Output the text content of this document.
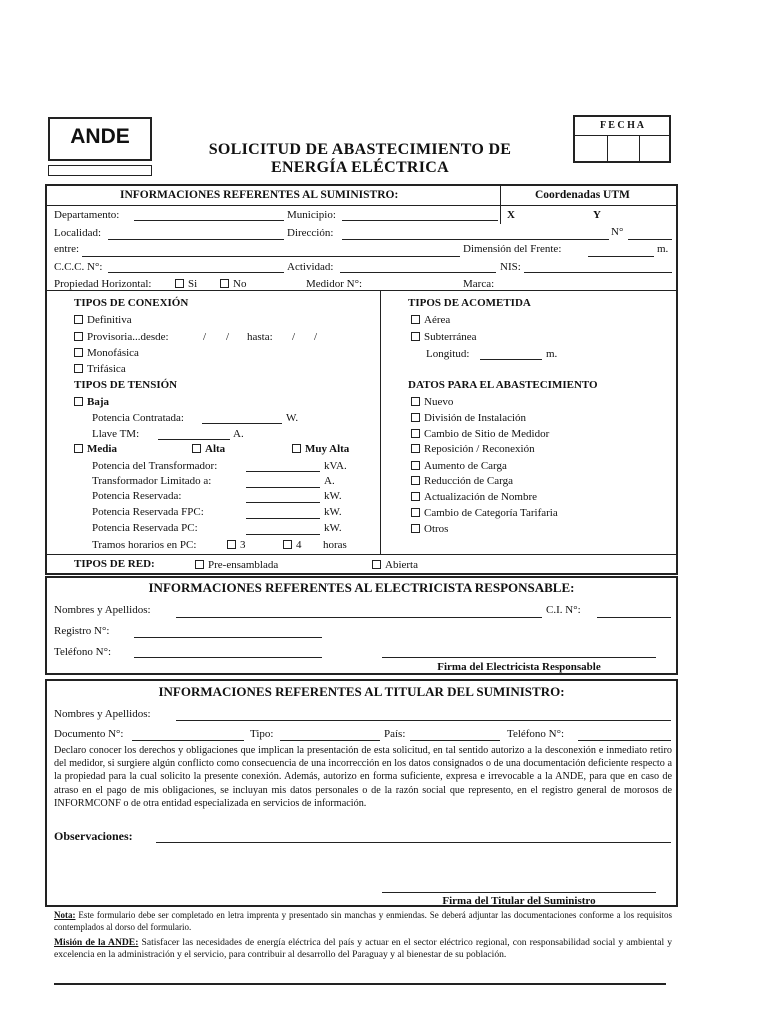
ANDE
SOLICITUD DE ABASTECIMIENTO DE
ENERGÍA ELÉCTRICA
F E C H A
INFORMACIONES REFERENTES AL SUMINISTRO:	Coordenadas UTM
X	Y
Departamento:	Municipio:
Localidad:	Dirección:	N°
entre:	Dimensión del Frente:	m.
C.C.C. N°:	Actividad:	NIS:
Propiedad Horizontal:	Si	No	Medidor N°:	Marca:
TIPOS DE CONEXIÓN
Definitiva
Provisoria...desde:	/ / hasta: / /
Monofásica
Trifásica
TIPOS DE ACOMETIDA
Aérea
Subterránea
Longitud:	m.
TIPOS DE TENSIÓN
Baja
Potencia Contratada:	W.
Llave TM:	A.
Media	Alta	Muy Alta
Potencia del Transformador:	kVA.
Transformador Limitado a:	A.
Potencia Reservada:	kW.
Potencia Reservada FPC:	kW.
Potencia Reservada PC:	kW.
Tramos horarios en PC:	3	4 horas
DATOS PARA EL ABASTECIMIENTO
Nuevo
División de Instalación
Cambio de Sitio de Medidor
Reposición / Reconexión
Aumento de Carga
Reducción de Carga
Actualización de Nombre
Cambio de Categoría Tarifaria
Otros
TIPOS DE RED:	Pre-ensamblada	Abierta
INFORMACIONES REFERENTES AL ELECTRICISTA RESPONSABLE:
Nombres y Apellidos:	C.I. N°:
Registro N°:
Teléfono N°:
Firma del Electricista Responsable
INFORMACIONES REFERENTES AL TITULAR DEL SUMINISTRO:
Nombres y Apellidos:
Documento N°:	Tipo:	País:	Teléfono N°:
Declaro conocer los derechos y obligaciones que implican la presentación de esta solicitud, en tal sentido autorizo a la desconexión e inmediato retiro del medidor, si surgiere algún conflicto como consecuencia de una incorrección en los datos consignados o de una documentación deficiente respecto a la propiedad para la cual solicito la presente conexión. Además, autorizo en forma suficiente, expresa e irrevocable a la ANDE, para que en caso de atraso en el pago de mis obligaciones, se incluyan mis datos personales o de la razón social que represento, en el registro general de morosos de INFORMCONF o de otra entidad especializada en servicios de información.
Observaciones:
Firma del Titular del Suministro
Nota: Este formulario debe ser completado en letra imprenta y presentado sin manchas y enmiendas. Se deberá adjuntar las documentaciones conforme a los requisitos contemplados al dorso del formulario.
Misión de la ANDE: Satisfacer las necesidades de energía eléctrica del país y actuar en el sector eléctrico regional, con responsabilidad social y ambiental y excelencia en la administración y el servicio, para contribuir al desarrollo del Paraguay y al bienestar de su población.
